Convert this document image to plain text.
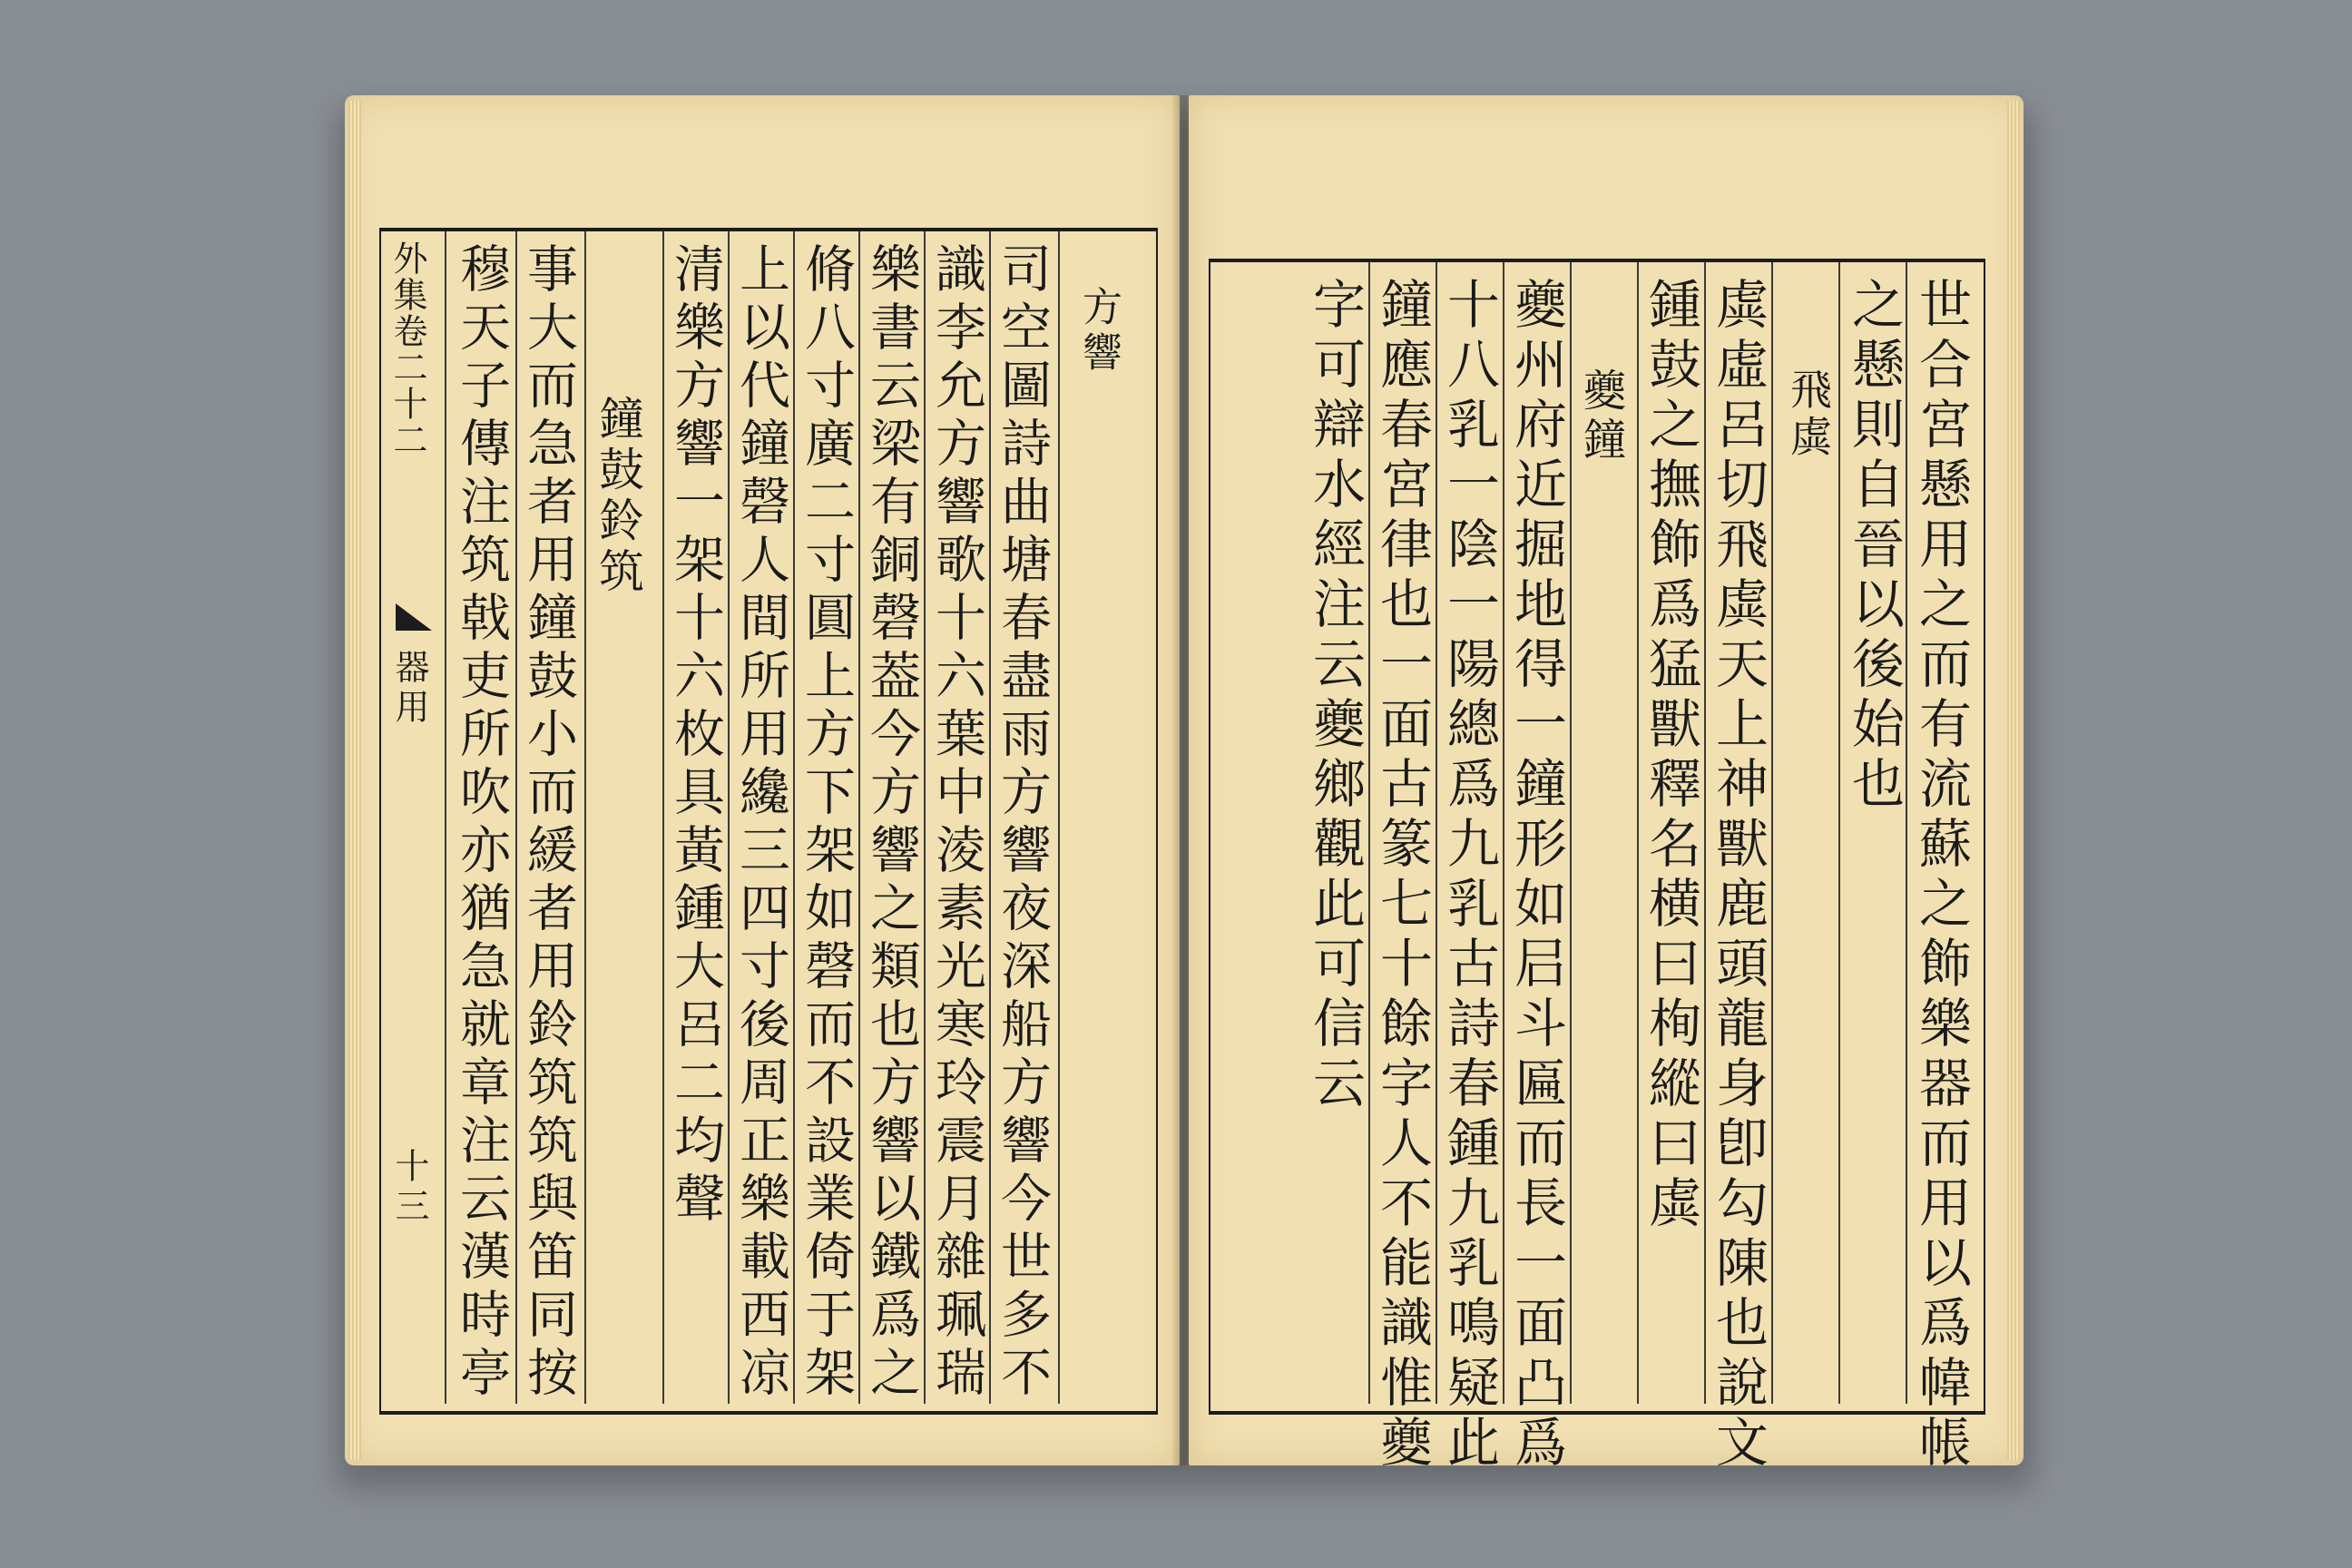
外集卷二十二
器用
十三
方響
司空圖詩曲塘春盡雨方響夜深船方響今世多不
識李允方響歌十六葉中淩素光寒玲震月雜珮瑞
樂書云梁有銅磬葢今方響之類也方響以鐵爲之
脩八寸廣二寸圓上方下架如磬而不設業倚于架
上以代鐘磬人間所用纔三四寸後周正樂載西凉
清樂方響一架十六枚具黃鍾大呂二均聲
鐘鼓鈴筑
事大而急者用鐘鼓小而緩者用鈴筑筑與笛同按
穆天子傳注筑戟吏所吹亦猶急就章注云漢時亭	世合宮懸用之而有流蘇之飾樂器而用以爲幃帳
之懸則自晉以後始也
飛虡
虡虛呂切飛虡天上神獸鹿頭龍身卽勾陳也說文
鍾鼓之撫飾爲猛獸釋名横曰栒縱曰虡
夔鐘
夔州府近掘地得一鐘形如𡰪斗匾而長一面凸爲
十八乳一陰一陽總爲九乳古詩春鍾九乳鳴疑此
鐘應春宮律也一面古篆七十餘字人不能識惟夔
字可辯水經注云夔鄉觀此可信云
